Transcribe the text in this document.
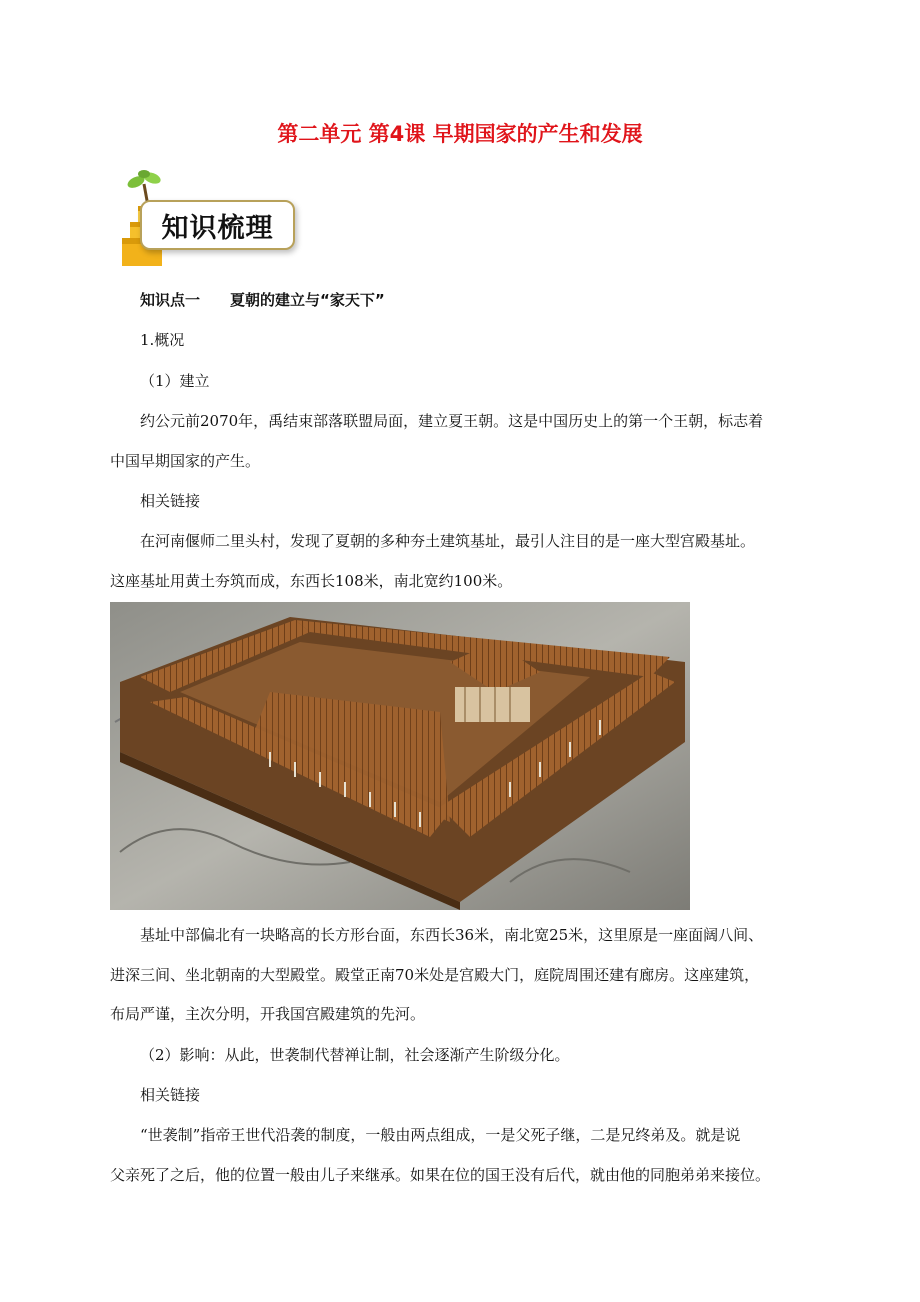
第二单元 第4课 早期国家的产生和发展
知识梳理
知识点一 夏朝的建立与“家天下”
1.概况
（1）建立
约公元前2070年，禹结束部落联盟局面，建立夏王朝。这是中国历史上的第一个王朝，标志着
中国早期国家的产生。
相关链接
在河南偃师二里头村，发现了夏朝的多种夯土建筑基址，最引人注目的是一座大型宫殿基址。
这座基址用黄土夯筑而成，东西长108米，南北宽约100米。
基址中部偏北有一块略高的长方形台面，东西长36米，南北宽25米，这里原是一座面阔八间、
进深三间、坐北朝南的大型殿堂。殿堂正南70米处是宫殿大门，庭院周围还建有廊房。这座建筑，
布局严谨，主次分明，开我国宫殿建筑的先河。
（2）影响：从此，世袭制代替禅让制，社会逐渐产生阶级分化。
相关链接
“世袭制”指帝王世代沿袭的制度，一般由两点组成，一是父死子继，二是兄终弟及。就是说
父亲死了之后，他的位置一般由儿子来继承。如果在位的国王没有后代，就由他的同胞弟弟来接位。
